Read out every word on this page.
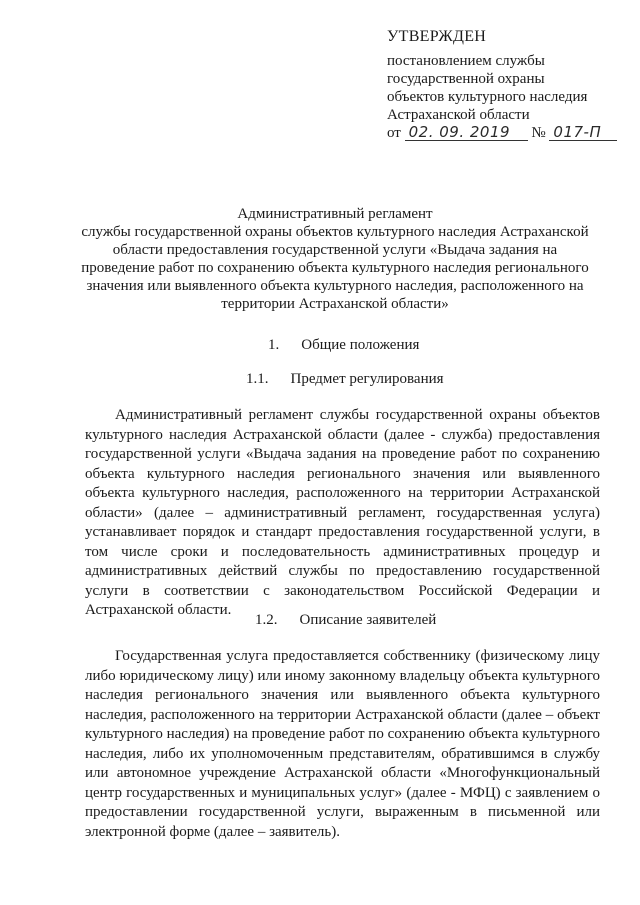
УТВЕРЖДЕН
постановлением службы
государственной охраны
объектов культурного наследия
Астраханской области
от 02. 09. 2019 № 017-П
Административный регламент
службы государственной охраны объектов культурного наследия Астраханской
области предоставления государственной услуги «Выдача задания на
проведение работ по сохранению объекта культурного наследия регионального
значения или выявленного объекта культурного наследия, расположенного на
территории Астраханской области»
1. Общие положения
1.1. Предмет регулирования
Административный регламент службы государственной охраны объектов культурного наследия Астраханской области (далее - служба) предоставления государственной услуги «Выдача задания на проведение работ по сохранению объекта культурного наследия регионального значения или выявленного объекта культурного наследия, расположенного на территории Астраханской области» (далее – административный регламент, государственная услуга) устанавливает порядок и стандарт предоставления государственной услуги, в том числе сроки и последовательность административных процедур и административных действий службы по предоставлению государственной услуги в соответствии с законодательством Российской Федерации и Астраханской области.
1.2. Описание заявителей
Государственная услуга предоставляется собственнику (физическому лицу либо юридическому лицу) или иному законному владельцу объекта культурного наследия регионального значения или выявленного объекта культурного наследия, расположенного на территории Астраханской области (далее – объект культурного наследия) на проведение работ по сохранению объекта культурного наследия, либо их уполномоченным представителям, обратившимся в службу или автономное учреждение Астраханской области «Многофункциональный центр государственных и муниципальных услуг» (далее - МФЦ) с заявлением о предоставлении государственной услуги, выраженным в письменной или электронной форме (далее – заявитель).
